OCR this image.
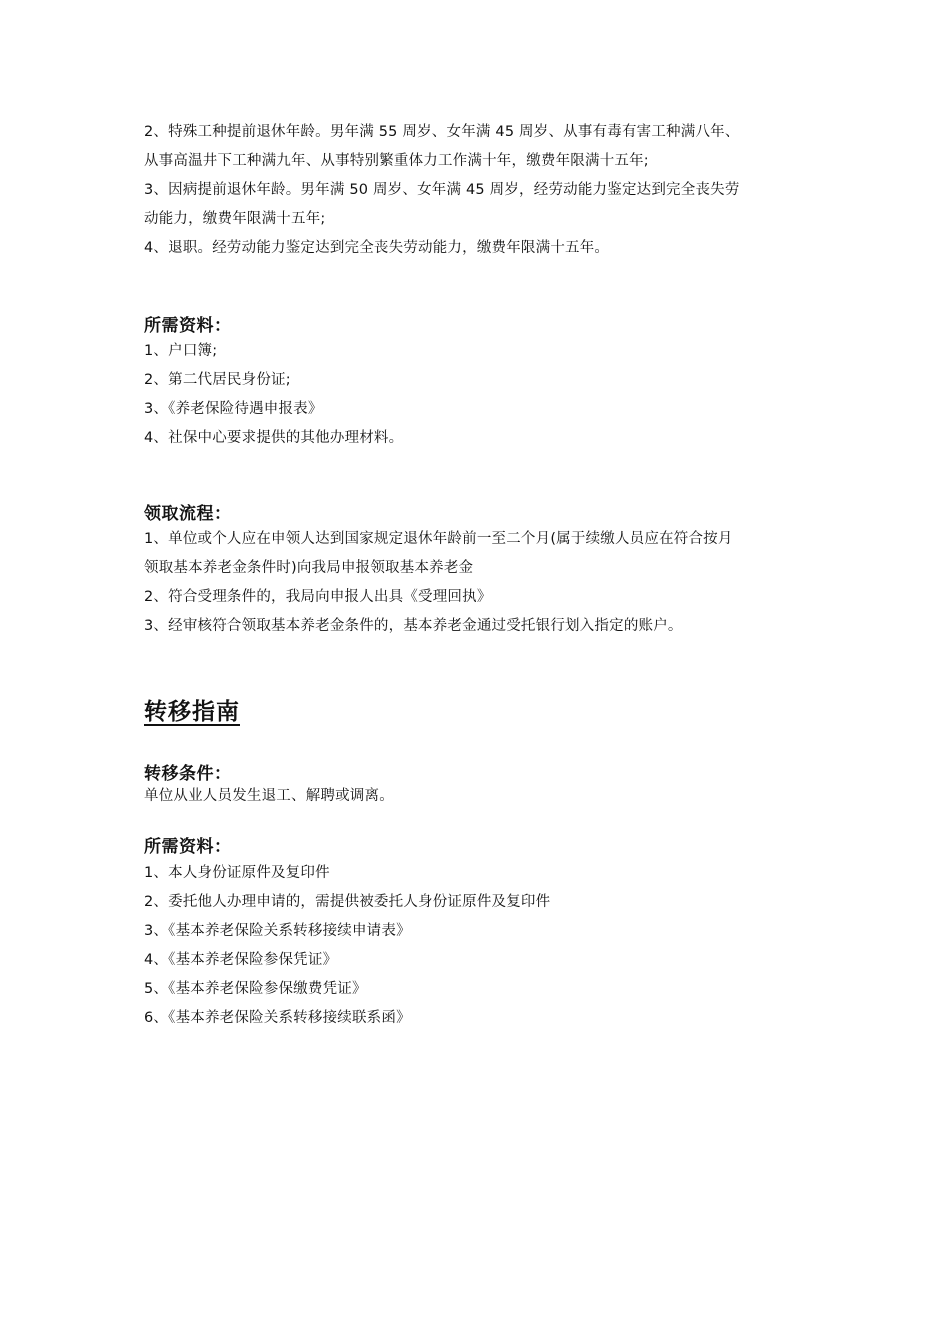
2、特殊工种提前退休年龄。男年满 55 周岁、女年满 45 周岁、从事有毒有害工种满八年、
从事高温井下工种满九年、从事特别繁重体力工作满十年，缴费年限满十五年;
3、因病提前退休年龄。男年满 50 周岁、女年满 45 周岁，经劳动能力鉴定达到完全丧失劳
动能力，缴费年限满十五年;
4、退职。经劳动能力鉴定达到完全丧失劳动能力，缴费年限满十五年。
所需资料：
1、户口簿;
2、第二代居民身份证;
3、《养老保险待遇申报表》
4、社保中心要求提供的其他办理材料。
领取流程：
1、单位或个人应在申领人达到国家规定退休年龄前一至二个月(属于续缴人员应在符合按月
领取基本养老金条件时)向我局申报领取基本养老金
2、符合受理条件的，我局向申报人出具《受理回执》
3、经审核符合领取基本养老金条件的，基本养老金通过受托银行划入指定的账户。
转移指南
转移条件：
单位从业人员发生退工、解聘或调离。
所需资料：
1、本人身份证原件及复印件
2、委托他人办理申请的，需提供被委托人身份证原件及复印件
3、《基本养老保险关系转移接续申请表》
4、《基本养老保险参保凭证》
5、《基本养老保险参保缴费凭证》
6、《基本养老保险关系转移接续联系函》
